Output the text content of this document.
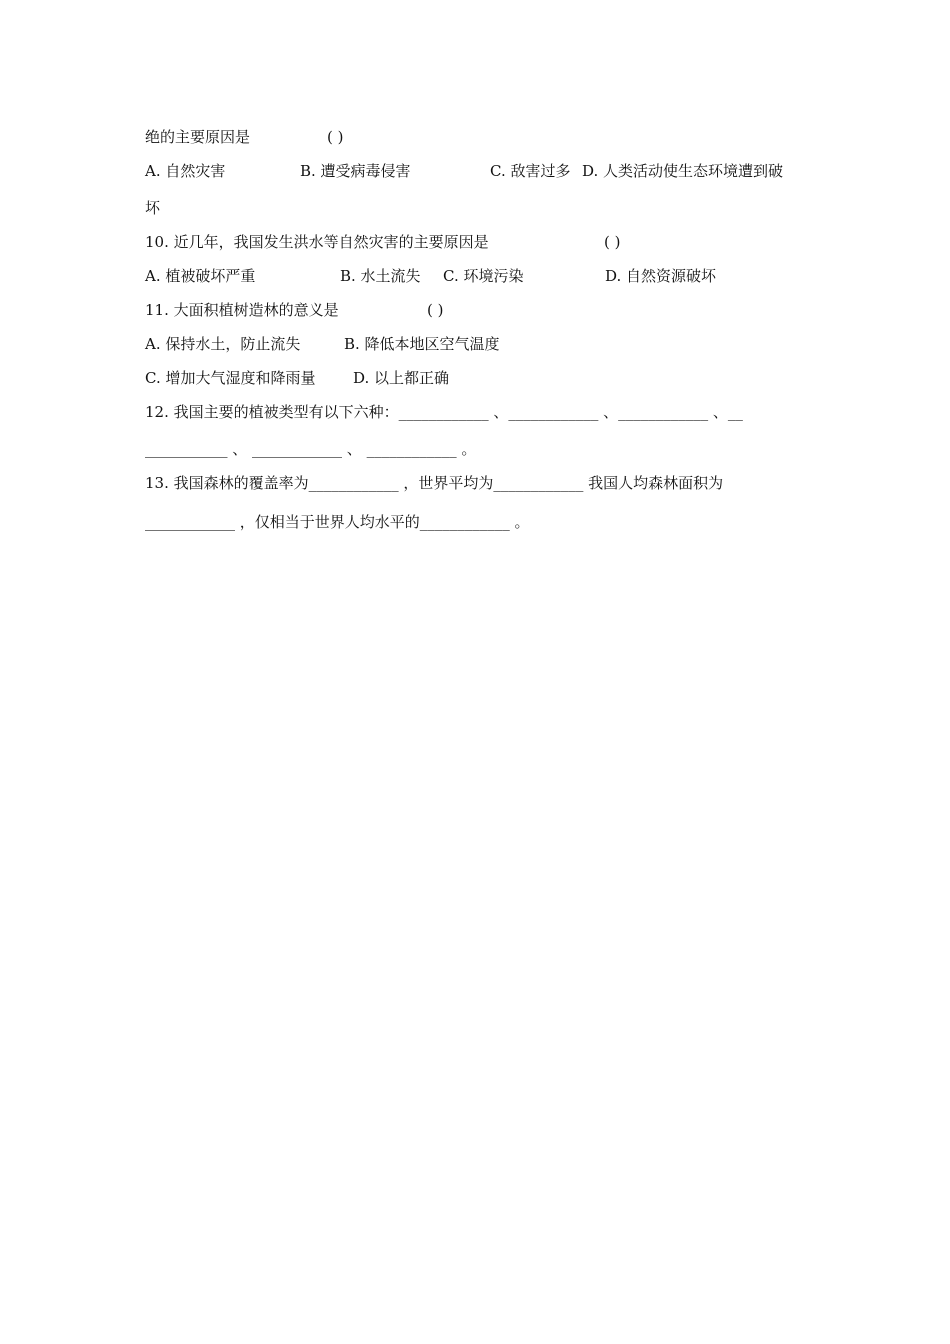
绝的主要原因是	( )
A. 自然灾害	B. 遭受病毒侵害	C. 敌害过多 D. 人类活动使生态环境遭到破
坏
10. 近几年，我国发生洪水等自然灾害的主要原因是	( )
A. 植被破坏严重	B. 水土流失 C. 环境污染	D. 自然资源破坏
11. 大面积植树造林的意义是	( )
A. 保持水土，防止流失	B. 降低本地区空气温度
C. 增加大气湿度和降雨量	D. 以上都正确
12. 我国主要的植被类型有以下六种：____________ 、____________ 、____________ 、__
___________ 、 ____________ 、 ____________ 。
13. 我国森林的覆盖率为____________ ，世界平均为____________ 我国人均森林面积为
____________ ，仅相当于世界人均水平的____________ 。
